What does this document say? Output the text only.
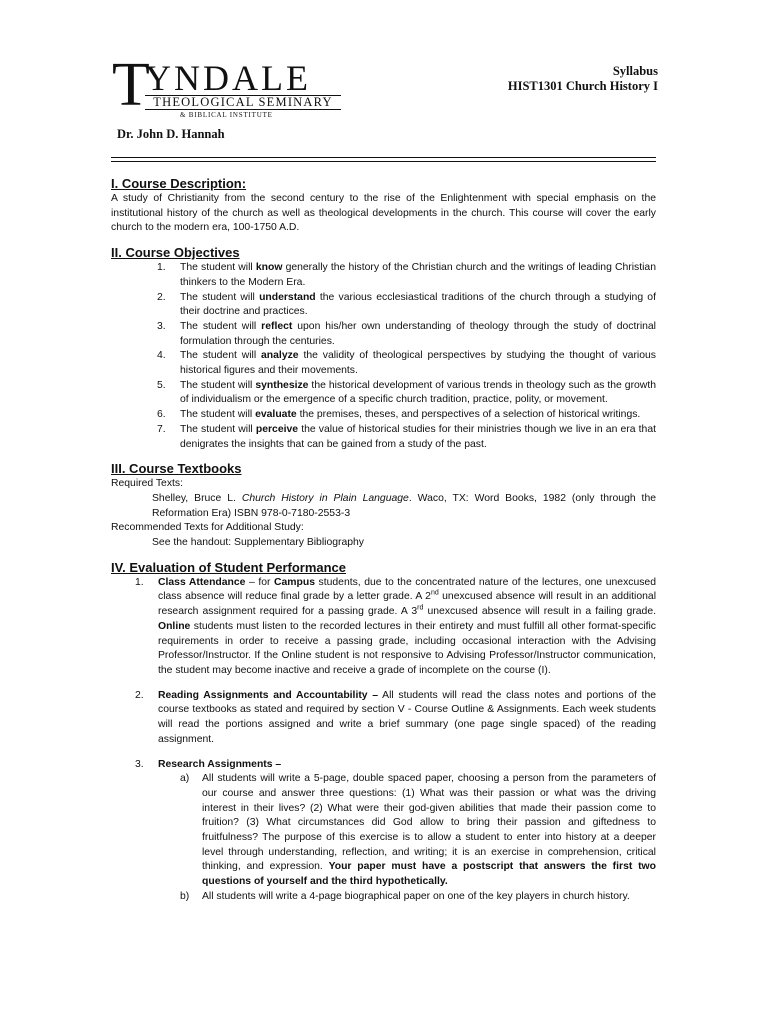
T
YNDALE
THEOLOGICAL SEMINARY
& BIBLICAL INSTITUTE
Syllabus
HIST1301 Church History I
Dr. John D. Hannah
I. Course Description:

A study of Christianity from the second century to the rise of the Enlightenment with special emphasis on the institutional history of the church as well as theological developments in the church. This course will cover the early church to the modern era, 100-1750 A.D.

II. Course Objectives
1. The student will know generally the history of the Christian church and the writings of leading Christian thinkers to the Modern Era.
2. The student will understand the various ecclesiastical traditions of the church through a studying of their doctrine and practices.
3. The student will reflect upon his/her own understanding of theology through the study of doctrinal formulation through the centuries.
4. The student will analyze the validity of theological perspectives by studying the thought of various historical figures and their movements.
5. The student will synthesize the historical development of various trends in theology such as the growth of individualism or the emergence of a specific church tradition, practice, polity, or movement.
6. The student will evaluate the premises, theses, and perspectives of a selection of historical writings.
7. The student will perceive the value of historical studies for their ministries though we live in an era that denigrates the insights that can be gained from a study of the past.
III. Course Textbooks
Required Texts:
Shelley, Bruce L. Church History in Plain Language. Waco, TX: Word Books, 1982 (only through the Reformation Era) ISBN 978-0-7180-2553-3
Recommended Texts for Additional Study:
See the handout: Supplementary Bibliography
IV. Evaluation of Student Performance
1. Class Attendance – for Campus students, due to the concentrated nature of the lectures, one unexcused class absence will reduce final grade by a letter grade. A 2nd unexcused absence will result in an additional research assignment required for a passing grade. A 3rd unexcused absence will result in a failing grade. Online students must listen to the recorded lectures in their entirety and must fulfill all other format-specific requirements in order to receive a passing grade, including occasional interaction with the Advising Professor/Instructor. If the Online student is not responsive to Advising Professor/Instructor communication, the student may become inactive and receive a grade of incomplete on the course (I).
2. Reading Assignments and Accountability – All students will read the class notes and portions of the course textbooks as stated and required by section V - Course Outline & Assignments. Each week students will read the portions assigned and write a brief summary (one page single spaced) of the reading assignment.
3. Research Assignments –
a) All students will write a 5-page, double spaced paper, choosing a person from the parameters of our course and answer three questions: (1) What was their passion or what was the driving interest in their lives? (2) What were their god-given abilities that made their passion come to fruition? (3) What circumstances did God allow to bring their passion and giftedness to fruitfulness? The purpose of this exercise is to allow a student to enter into history at a deeper level through understanding, reflection, and writing; it is an exercise in comprehension, critical thinking, and expression. Your paper must have a postscript that answers the first two questions of yourself and the third hypothetically.
b) All students will write a 4-page biographical paper on one of the key players in church history.
